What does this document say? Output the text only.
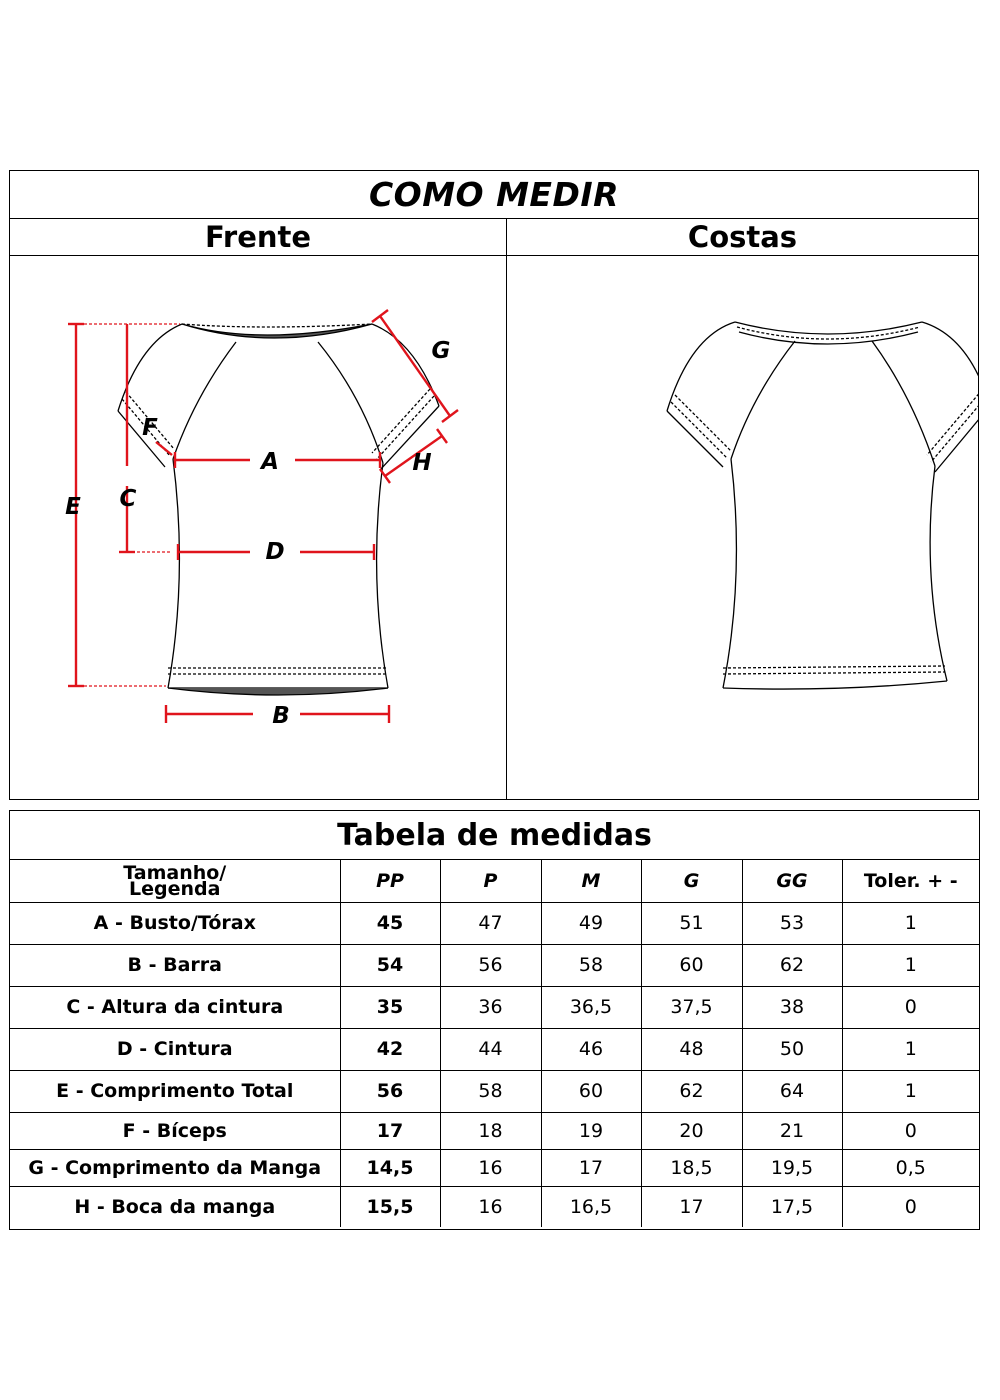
COMO MEDIR
Frente	Costas
A
B
C
D
E
F
G
H
Tabela de medidas
Tamanho/
Legenda	PP	P	M	G	GG	Toler. + -
A - Busto/Tórax	45	47	49	51	53	1
B - Barra	54	56	58	60	62	1
C - Altura da cintura	35	36	36,5	37,5	38	0
D - Cintura	42	44	46	48	50	1
E - Comprimento Total	56	58	60	62	64	1
F - Bíceps	17	18	19	20	21	0
G - Comprimento da Manga	14,5	16	17	18,5	19,5	0,5
H - Boca da manga	15,5	16	16,5	17	17,5	0
